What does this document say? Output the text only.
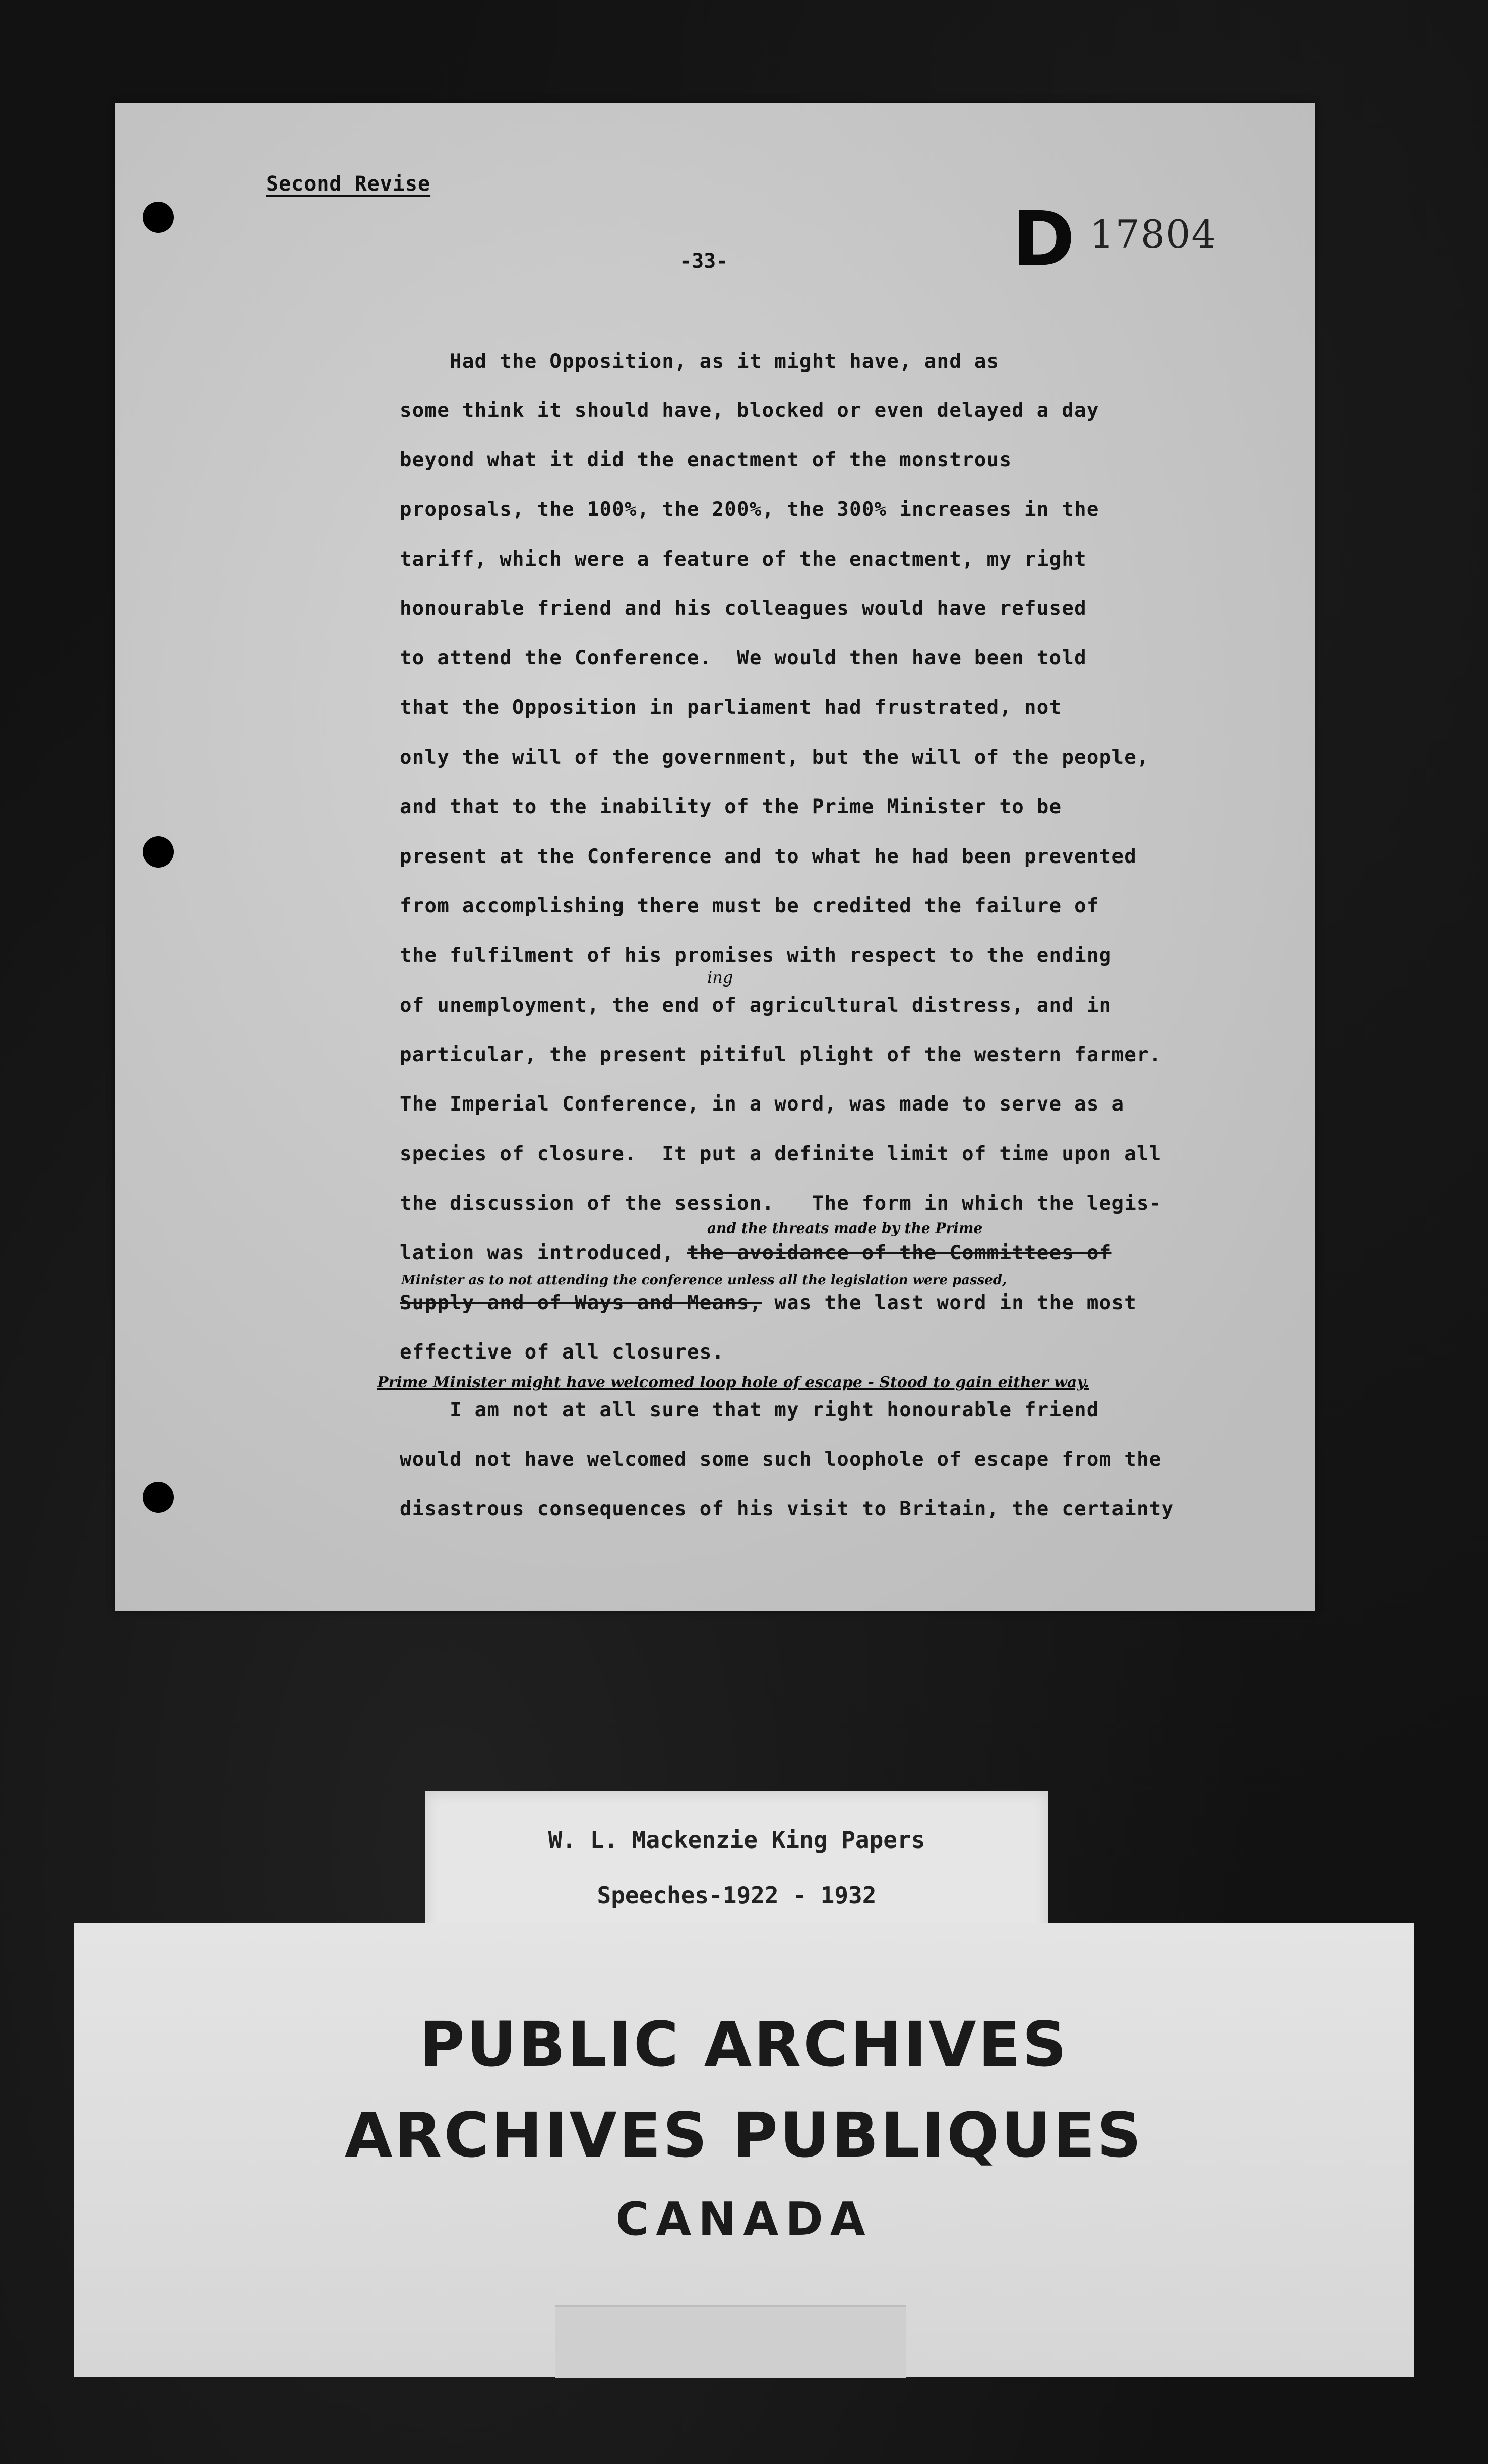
Second Revise
-33-	D 17804

Had the Opposition, as it might have, and as

some think it should have, blocked or even delayed a day

beyond what it did the enactment of the monstrous

proposals, the 100%, the 200%, the 300% increases in the

tariff, which were a feature of the enactment, my right

honourable friend and his colleagues would have refused

to attend the Conference.  We would then have been told

that the Opposition in parliament had frustrated, not

only the will of the government, but the will of the people,

and that to the inability of the Prime Minister to be

present at the Conference and to what he had been prevented

from accomplishing there must be credited the failure of

the fulfilment of his promises with respect to the ending

of unemployment, the end of agricultural distress, and in

particular, the present pitiful plight of the western farmer.

The Imperial Conference, in a word, was made to serve as a

species of closure.  It put a definite limit of time upon all

the discussion of the session.   The form in which the legis-

ing

and the threats made by the Prime

lation was introduced, the avoidance of the Committees of

Minister as to not attending the conference unless all the legislation were passed,

Supply and of Ways and Means, was the last word in the most

effective of all closures.

Prime Minister might have welcomed loop hole of escape - Stood to gain either way.

I am not at all sure that my right honourable friend

would not have welcomed some such loophole of escape from the

disastrous consequences of his visit to Britain, the certainty

W. L. Mackenzie King Papers

Speeches-1922 - 1932

PUBLIC ARCHIVES

ARCHIVES PUBLIQUES

CANADA
